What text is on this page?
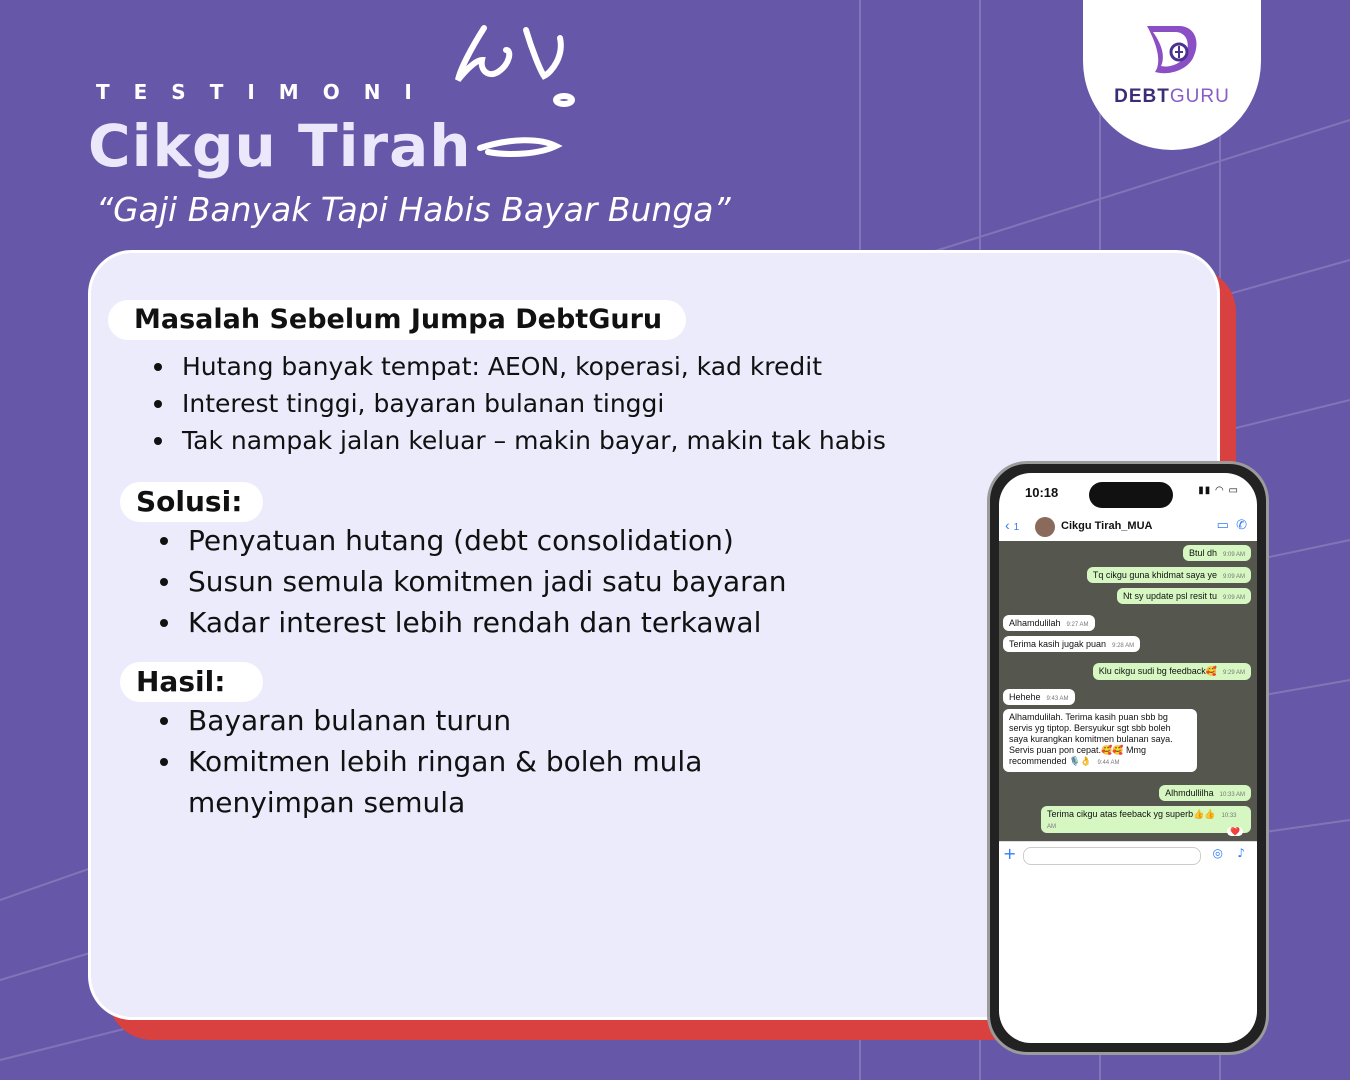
TESTIMONI
Cikgu Tirah
“Gaji Banyak Tapi Habis Bayar Bunga”
DEBTGURU
Masalah Sebelum Jumpa DebtGuru
Hutang banyak tempat: AEON, koperasi, kad kredit
Interest tinggi, bayaran bulanan tinggi
Tak nampak jalan keluar – makin bayar, makin tak habis
Solusi:
Penyatuan hutang (debt consolidation)
Susun semula komitmen jadi satu bayaran
Kadar interest lebih rendah dan terkawal
Hasil:
Bayaran bulanan turun
Komitmen lebih ringan & boleh mula menyimpan semula
10:18	▮▮ ◠ ▭
‹ 1	Cikgu Tirah_MUA	▭ ✆
Btul dh 9:09 AM
Tq cikgu guna khidmat saya ye 9:09 AM
Nt sy update psl resit tu 9:09 AM
Alhamdulilah 9:27 AM
Terima kasih jugak puan 9:28 AM
Klu cikgu sudi bg feedback🥰 9:29 AM
Hehehe 9:43 AM
Alhamdulilah. Terima kasih puan sbb bg servis yg tiptop. Bersyukur sgt sbb boleh saya kurangkan komitmen bulanan saya. Servis puan pon cepat.🥰🥰 Mmg recommended 🎙️👌 9:44 AM
Alhmdullilha 10:33 AM
Terima cikgu atas feeback yg superb👍👍 10:33 AM	❤️
+	◎ ♪
